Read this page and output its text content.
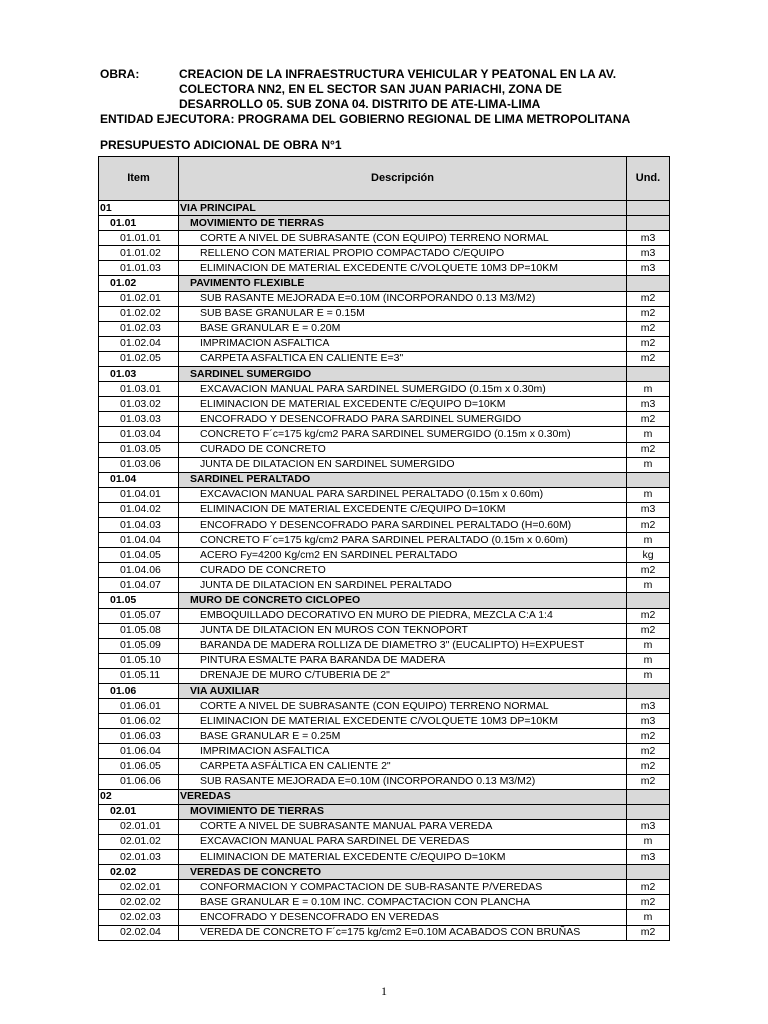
OBRA:	CREACION DE LA INFRAESTRUCTURA VEHICULAR Y PEATONAL EN LA AV.
COLECTORA NN2, EN EL SECTOR SAN JUAN PARIACHI, ZONA DE
DESARROLLO 05. SUB ZONA 04. DISTRITO DE ATE-LIMA-LIMA
ENTIDAD EJECUTORA: PROGRAMA DEL GOBIERNO REGIONAL DE LIMA METROPOLITANA
PRESUPUESTO ADICIONAL DE OBRA N°1
Item	Descripción	Und.
01	VIA PRINCIPAL	
01.01	MOVIMIENTO DE TIERRAS	
01.01.01	CORTE A NIVEL DE SUBRASANTE (CON EQUIPO) TERRENO NORMAL	m3
01.01.02	RELLENO CON MATERIAL PROPIO COMPACTADO C/EQUIPO	m3
01.01.03	ELIMINACION DE MATERIAL EXCEDENTE C/VOLQUETE 10M3 DP=10KM	m3
01.02	PAVIMENTO FLEXIBLE	
01.02.01	SUB RASANTE MEJORADA E=0.10M (INCORPORANDO 0.13 M3/M2)	m2
01.02.02	SUB BASE GRANULAR E = 0.15M	m2
01.02.03	BASE GRANULAR E = 0.20M	m2
01.02.04	IMPRIMACION ASFALTICA	m2
01.02.05	CARPETA ASFALTICA EN CALIENTE E=3"	m2
01.03	SARDINEL SUMERGIDO	
01.03.01	EXCAVACION MANUAL PARA SARDINEL SUMERGIDO (0.15m x 0.30m)	m
01.03.02	ELIMINACION DE MATERIAL EXCEDENTE C/EQUIPO D=10KM	m3
01.03.03	ENCOFRADO Y DESENCOFRADO PARA SARDINEL SUMERGIDO	m2
01.03.04	CONCRETO F´c=175 kg/cm2 PARA SARDINEL SUMERGIDO (0.15m x 0.30m)	m
01.03.05	CURADO DE CONCRETO	m2
01.03.06	JUNTA DE DILATACION EN SARDINEL SUMERGIDO	m
01.04	SARDINEL PERALTADO	
01.04.01	EXCAVACION MANUAL PARA SARDINEL PERALTADO (0.15m x 0.60m)	m
01.04.02	ELIMINACION DE MATERIAL EXCEDENTE C/EQUIPO D=10KM	m3
01.04.03	ENCOFRADO Y DESENCOFRADO PARA SARDINEL PERALTADO (H=0.60M)	m2
01.04.04	CONCRETO F´c=175 kg/cm2 PARA SARDINEL PERALTADO (0.15m x 0.60m)	m
01.04.05	ACERO Fy=4200 Kg/cm2 EN SARDINEL PERALTADO	kg
01.04.06	CURADO DE CONCRETO	m2
01.04.07	JUNTA DE DILATACION EN SARDINEL PERALTADO	m
01.05	MURO DE CONCRETO CICLOPEO	
01.05.07	EMBOQUILLADO DECORATIVO EN MURO DE PIEDRA, MEZCLA C:A 1:4	m2
01.05.08	JUNTA DE DILATACION EN MUROS CON TEKNOPORT	m2
01.05.09	BARANDA DE MADERA ROLLIZA DE DIAMETRO 3" (EUCALIPTO) H=EXPUEST	m
01.05.10	PINTURA ESMALTE PARA BARANDA DE MADERA	m
01.05.11	DRENAJE DE MURO C/TUBERIA DE 2"	m
01.06	VIA AUXILIAR	
01.06.01	CORTE A NIVEL DE SUBRASANTE (CON EQUIPO) TERRENO NORMAL	m3
01.06.02	ELIMINACION DE MATERIAL EXCEDENTE C/VOLQUETE 10M3 DP=10KM	m3
01.06.03	BASE GRANULAR E = 0.25M	m2
01.06.04	IMPRIMACION ASFALTICA	m2
01.06.05	CARPETA ASFÁLTICA EN CALIENTE 2"	m2
01.06.06	SUB RASANTE MEJORADA E=0.10M (INCORPORANDO 0.13 M3/M2)	m2
02	VEREDAS	
02.01	MOVIMIENTO DE TIERRAS	
02.01.01	CORTE A NIVEL DE SUBRASANTE MANUAL PARA VEREDA	m3
02.01.02	EXCAVACION MANUAL PARA SARDINEL DE VEREDAS	m
02.01.03	ELIMINACION DE MATERIAL EXCEDENTE C/EQUIPO D=10KM	m3
02.02	VEREDAS DE CONCRETO	
02.02.01	CONFORMACION Y COMPACTACION DE SUB-RASANTE P/VEREDAS	m2
02.02.02	BASE GRANULAR E = 0.10M INC. COMPACTACION CON PLANCHA	m2
02.02.03	ENCOFRADO Y DESENCOFRADO EN VEREDAS	m
02.02.04	VEREDA DE CONCRETO F´c=175 kg/cm2 E=0.10M ACABADOS CON BRUÑAS	m2
1
